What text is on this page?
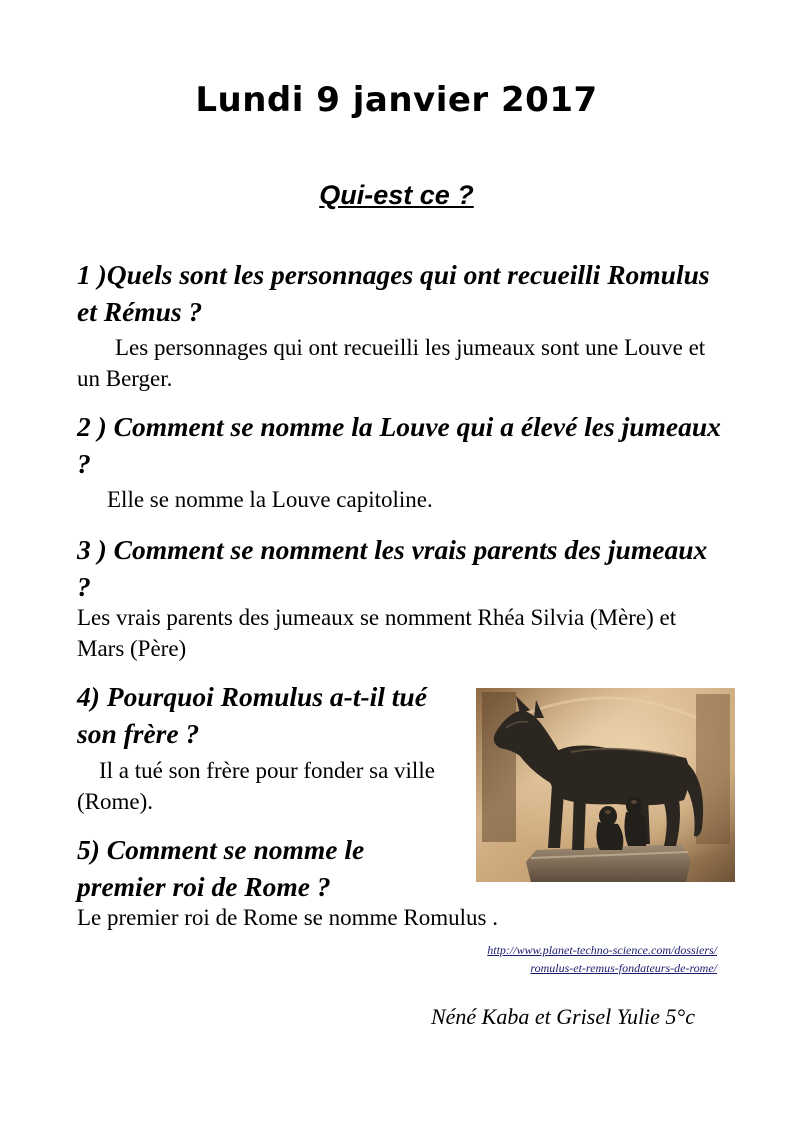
Lundi 9 janvier 2017
Qui-est ce ?

1 )Quels sont les personnages qui ont recueilli Romulus et Rémus ?

Les personnages qui ont recueilli les jumeaux sont une Louve et un Berger.

2 ) Comment se nomme la Louve qui a élevé les jumeaux ?

Elle se nomme la Louve capitoline.

3 ) Comment se nomment les vrais parents des jumeaux ?

Les vrais parents des jumeaux se nomment Rhéa Silvia (Mère) et Mars (Père)

4) Pourquoi Romulus a-t-il tué son frère ?

Il a tué son frère pour fonder sa ville (Rome).

5) Comment se nomme le premier roi de Rome ?

Le premier roi de Rome se nomme Romulus .

http://www.planet-techno-science.com/dossiers/
romulus-et-remus-fondateurs-de-rome/
Néné Kaba et Grisel Yulie 5°c
